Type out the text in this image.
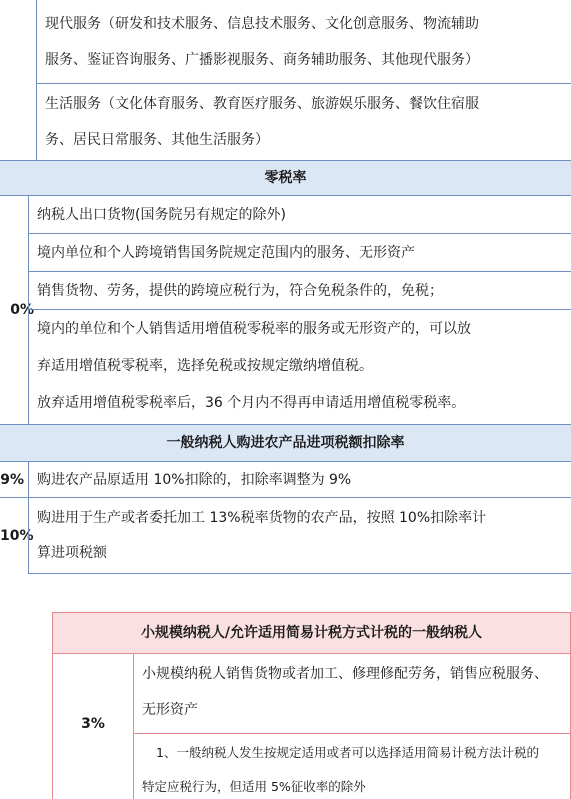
现代服务（研发和技术服务、信息技术服务、文化创意服务、物流辅助
服务、鉴证咨询服务、广播影视服务、商务辅助服务、其他现代服务）
生活服务（文化体育服务、教育医疗服务、旅游娱乐服务、餐饮住宿服
务、居民日常服务、其他生活服务）
零税率
0%
纳税人出口货物(国务院另有规定的除外)
境内单位和个人跨境销售国务院规定范围内的服务、无形资产
销售货物、劳务，提供的跨境应税行为，符合免税条件的，免税；
境内的单位和个人销售适用增值税零税率的服务或无形资产的，可以放
弃适用增值税零税率，选择免税或按规定缴纳增值税。
放弃适用增值税零税率后，36 个月内不得再申请适用增值税零税率。
一般纳税人购进农产品进项税额扣除率
9% 购进农产品原适用 10%扣除的，扣除率调整为 9%
10%
购进用于生产或者委托加工 13%税率货物的农产品，按照 10%扣除率计
算进项税额
小规模纳税人/允许适用简易计税方式计税的一般纳税人
3%
小规模纳税人销售货物或者加工、修理修配劳务，销售应税服务、
无形资产
1、一般纳税人发生按规定适用或者可以选择适用简易计税方法计税的
特定应税行为，但适用 5%征收率的除外
